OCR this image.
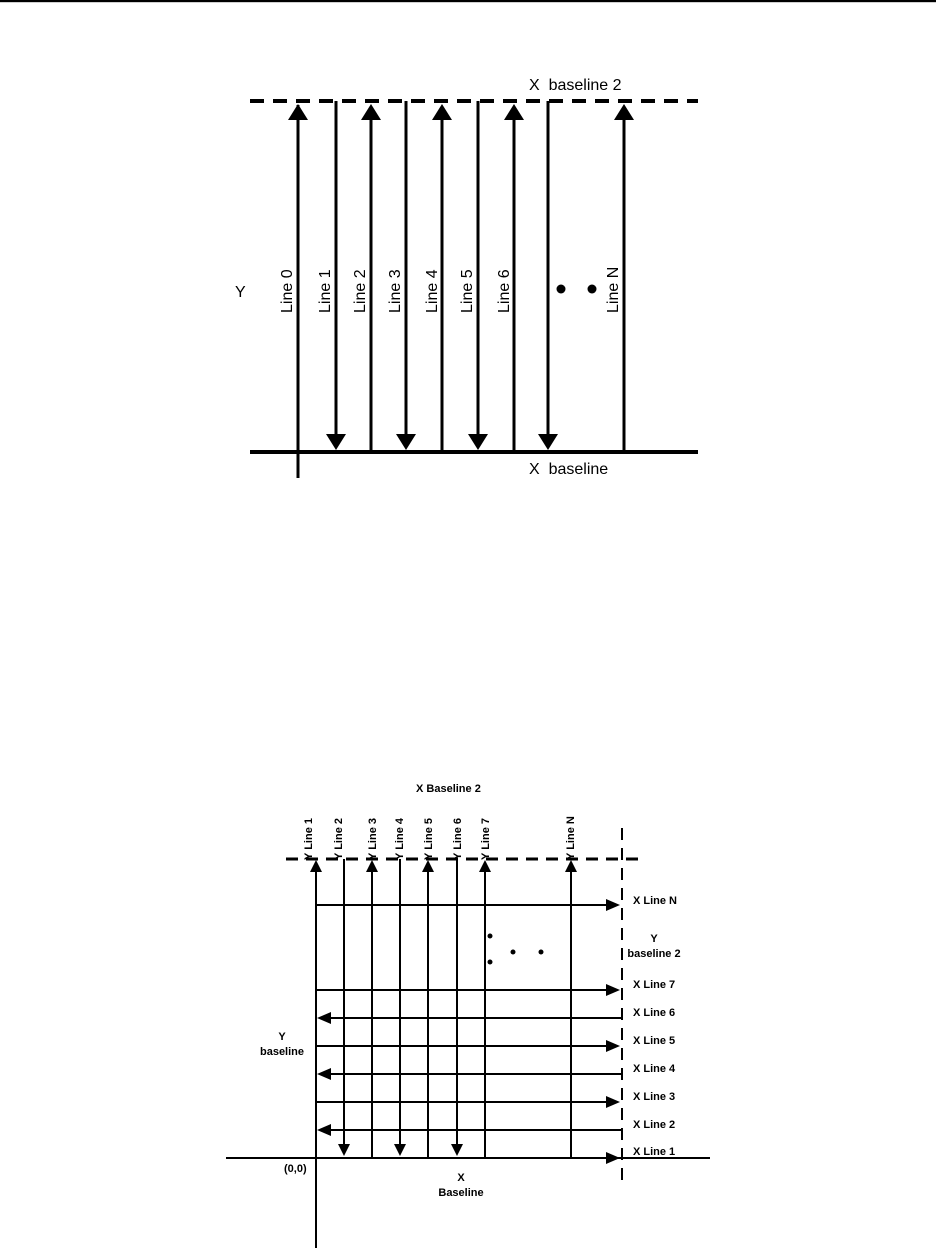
X  baseline 2
X  baseline
Y Line 0 Line 1 Line 2 Line 3 Line 4 Line 5 Line 6	Line N
X Baseline 2
Y Line 1 Y Line 2 Y Line 3 Y Line 4 Y Line 5 Y Line 6 Y Line 7	Y Line N
X Line N
X Line 7
X Line 6
X Line 5
X Line 4
X Line 3
X Line 2
X Line 1
Y
baseline 2
Y
baseline
(0,0)
X
Baseline
